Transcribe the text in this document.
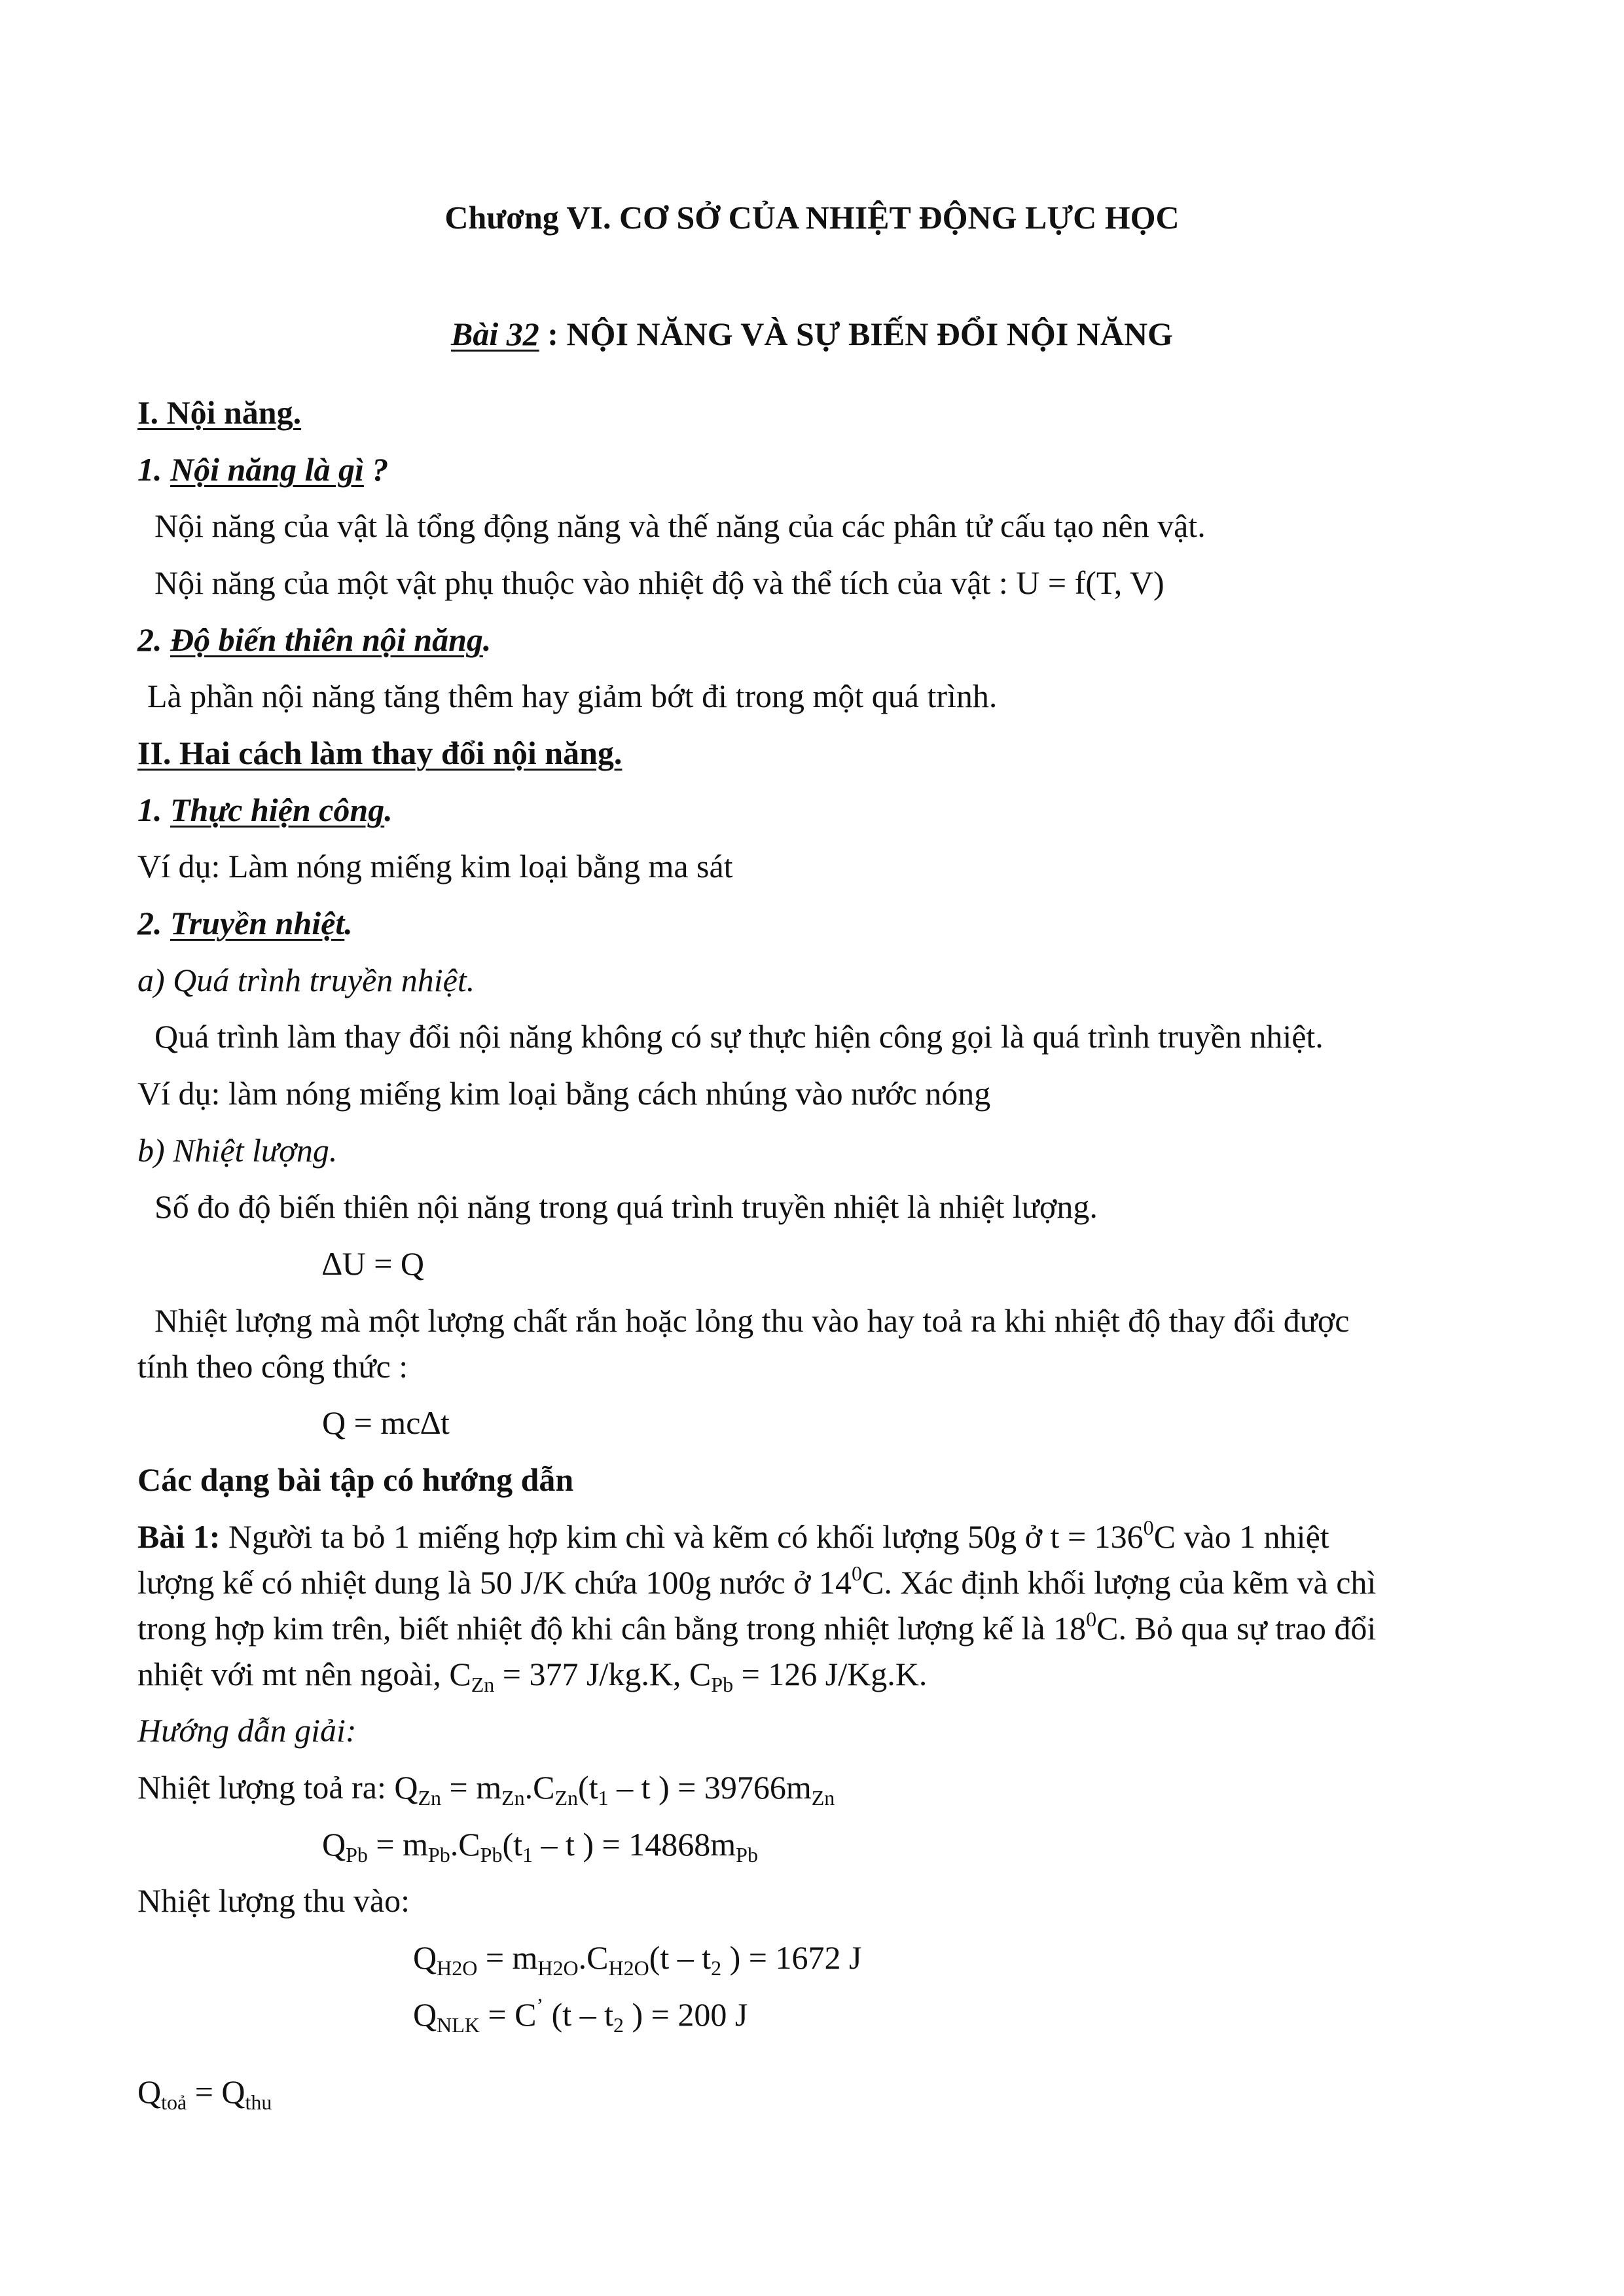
Chương VI. CƠ SỞ CỦA NHIỆT ĐỘNG LỰC HỌC
Bài 32 : NỘI NĂNG VÀ SỰ BIẾN ĐỔI NỘI NĂNG
I. Nội năng.
1. Nội năng là gì ?
Nội năng của vật là tổng động năng và thế năng của các phân tử cấu tạo nên vật.
Nội năng của một vật phụ thuộc vào nhiệt độ và thể tích của vật : U = f(T, V)
2. Độ biến thiên nội năng.
Là phần nội năng tăng thêm hay giảm bớt đi trong một quá trình.
II. Hai cách làm thay đổi nội năng.
1. Thực hiện công.
Ví dụ: Làm nóng miếng kim loại bằng ma sát
2. Truyền nhiệt.
a) Quá trình truyền nhiệt.
Quá trình làm thay đổi nội năng không có sự thực hiện công gọi là quá trình truyền nhiệt.
Ví dụ: làm nóng miếng kim loại bằng cách nhúng vào nước nóng
b) Nhiệt lượng.
Số đo độ biến thiên nội năng trong quá trình truyền nhiệt là nhiệt lượng.
∆U = Q
Nhiệt lượng mà một lượng chất rắn hoặc lỏng thu vào hay toả ra khi nhiệt độ thay đổi được
tính theo công thức :
Q = mc∆t
Các dạng bài tập có hướng dẫn
Bài 1: Người ta bỏ 1 miếng hợp kim chì và kẽm có khối lượng 50g ở $t = 136^0C$ vào 1 nhiệt
lượng kế có nhiệt dung là 50 J/K chứa 100g nước ở $14^0C$. Xác định khối lượng của kẽm và chì
trong hợp kim trên, biết nhiệt độ khi cân bằng trong nhiệt lượng kế là $18^0C$. Bỏ qua sự trao đổi
nhiệt với mt nên ngoài, $C_{Zn} = 377$ J/kg.K, $C_{Pb} = 126$ J/Kg.K.
Hướng dẫn giải:
Nhiệt lượng toả ra: $Q_{Zn} = m_{Zn}.C_{Zn}(t_1 - t$ ) = $39766m_{Zn}$
$Q_{Pb} = m_{Pb}.C_{Pb}(t_1 - t$ ) = $14868m_{Pb}$
Nhiệt lượng thu vào:
$Q_{H2O} = m_{H2O}.C_{H2O}(t - t_2$ ) = 1672 J
$Q_{NLK} = C^’$ ($t - t_2$ ) = 200 J
$Q_{toả} = Q_{thu}$
